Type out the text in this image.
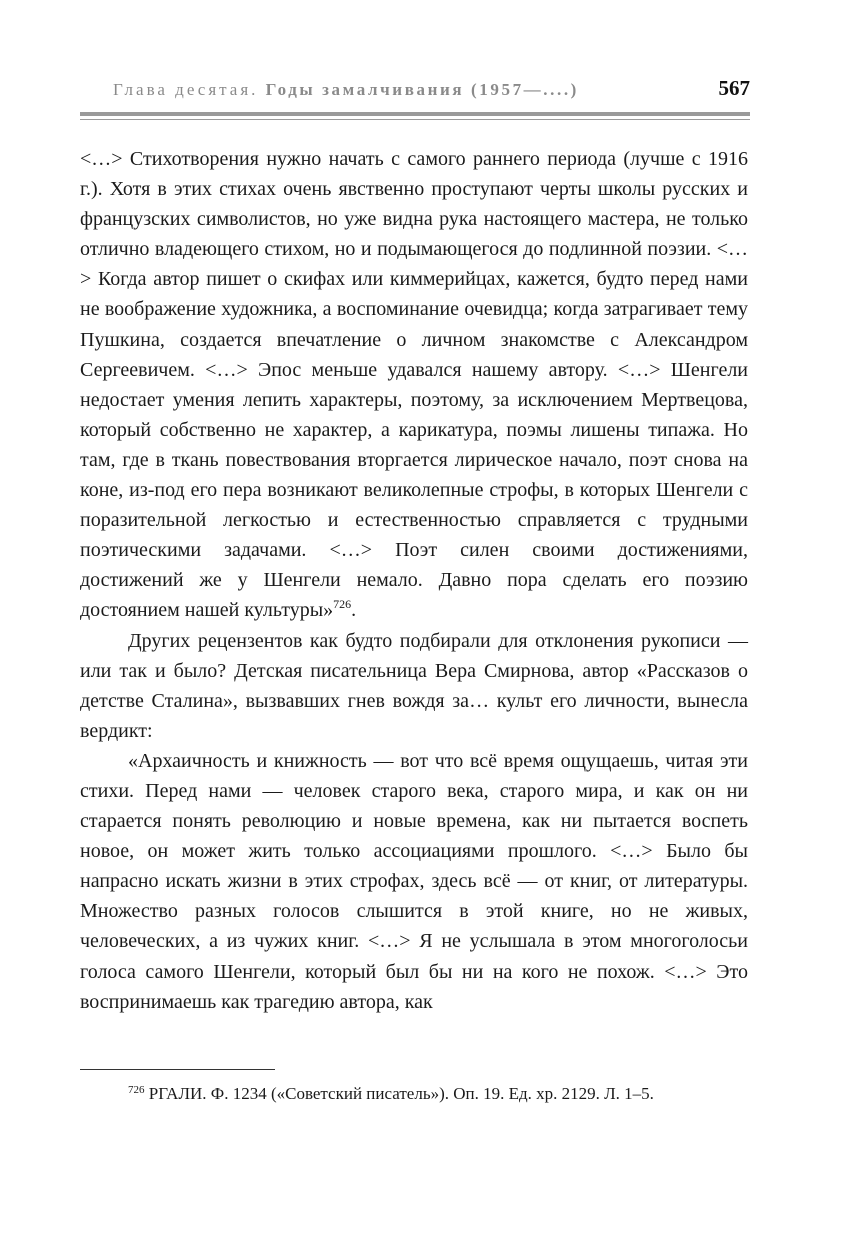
Глава десятая. Годы замалчивания (1957—....)	567

<…> Стихотворения нужно начать с самого раннего периода (лучше с 1916 г.). Хотя в этих стихах очень явственно проступают черты школы русских и французских символистов, но уже видна рука настоящего мастера, не только отлично владеющего стихом, но и подымающегося до подлинной поэзии. <…> Когда автор пишет о скифах или киммерийцах, кажется, будто перед нами не воображение художника, а воспоминание очевидца; когда затрагивает тему Пушкина, создается впечатление о личном знакомстве с Александром Сергеевичем. <…> Эпос меньше удавался нашему автору. <…> Шенгели недостает умения лепить характеры, поэтому, за исключением Мертвецова, который собственно не характер, а карикатура, поэмы лишены типажа. Но там, где в ткань повествования вторгается лирическое начало, поэт снова на коне, из-под его пера возникают великолепные строфы, в которых Шенгели с поразительной легкостью и естественностью справляется с трудными поэтическими задачами. <…> Поэт силен своими достижениями, достижений же у Шенгели немало. Давно пора сделать его поэзию достоянием нашей культуры»$^{726}$.

Других рецензентов как будто подбирали для отклонения рукописи — или так и было? Детская писательница Вера Смирнова, автор «Рассказов о детстве Сталина», вызвавших гнев вождя за… культ его личности, вынесла вердикт:

«Архаичность и книжность — вот что всё время ощущаешь, читая эти стихи. Перед нами — человек старого века, старого мира, и как он ни старается понять революцию и новые времена, как ни пытается воспеть новое, он может жить только ассоциациями прошлого. <…> Было бы напрасно искать жизни в этих строфах, здесь всё — от книг, от литературы. Множество разных голосов слышится в этой книге, но не живых, человеческих, а из чужих книг. <…> Я не услышала в этом многоголосьи голоса самого Шенгели, который был бы ни на кого не похож. <…> Это воспринимаешь как трагедию автора, как

$^{726}$ РГАЛИ. Ф. 1234 («Советский писатель»). Оп. 19. Ед. хр. 2129. Л. 1–5.
